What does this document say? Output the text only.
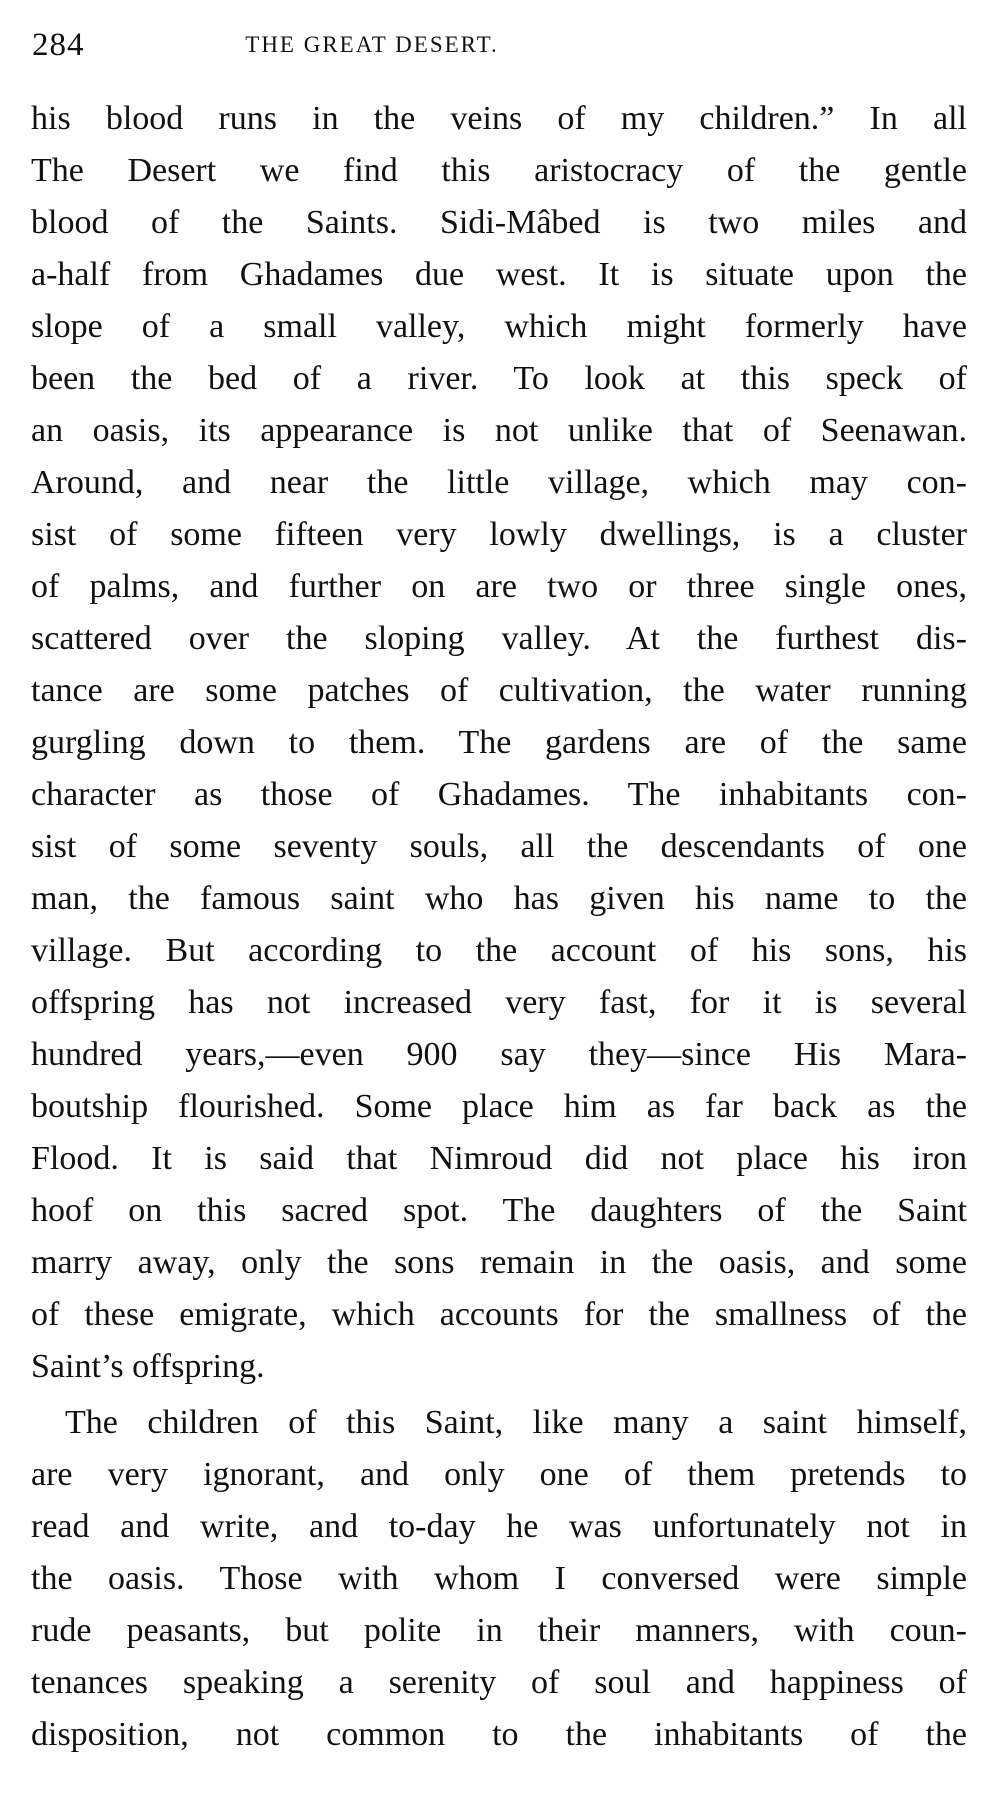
284	THE GREAT DESERT.
his blood runs in the veins of my children.” In all
The Desert we find this aristocracy of the gentle
blood of the Saints. Sidi-Mâbed is two miles and
a-half from Ghadames due west. It is situate upon the
slope of a small valley, which might formerly have
been the bed of a river. To look at this speck of
an oasis, its appearance is not unlike that of Seenawan.
Around, and near the little village, which may con-
sist of some fifteen very lowly dwellings, is a cluster
of palms, and further on are two or three single ones,
scattered over the sloping valley. At the furthest dis-
tance are some patches of cultivation, the water running
gurgling down to them. The gardens are of the same
character as those of Ghadames. The inhabitants con-
sist of some seventy souls, all the descendants of one
man, the famous saint who has given his name to the
village. But according to the account of his sons, his
offspring has not increased very fast, for it is several
hundred years,—even 900 say they—since His Mara-
boutship flourished. Some place him as far back as the
Flood. It is said that Nimroud did not place his iron
hoof on this sacred spot. The daughters of the Saint
marry away, only the sons remain in the oasis, and some
of these emigrate, which accounts for the smallness of the
Saint’s offspring.
The children of this Saint, like many a saint himself,
are very ignorant, and only one of them pretends to
read and write, and to-day he was unfortunately not in
the oasis. Those with whom I conversed were simple
rude peasants, but polite in their manners, with coun-
tenances speaking a serenity of soul and happiness of
disposition, not common to the inhabitants of the
